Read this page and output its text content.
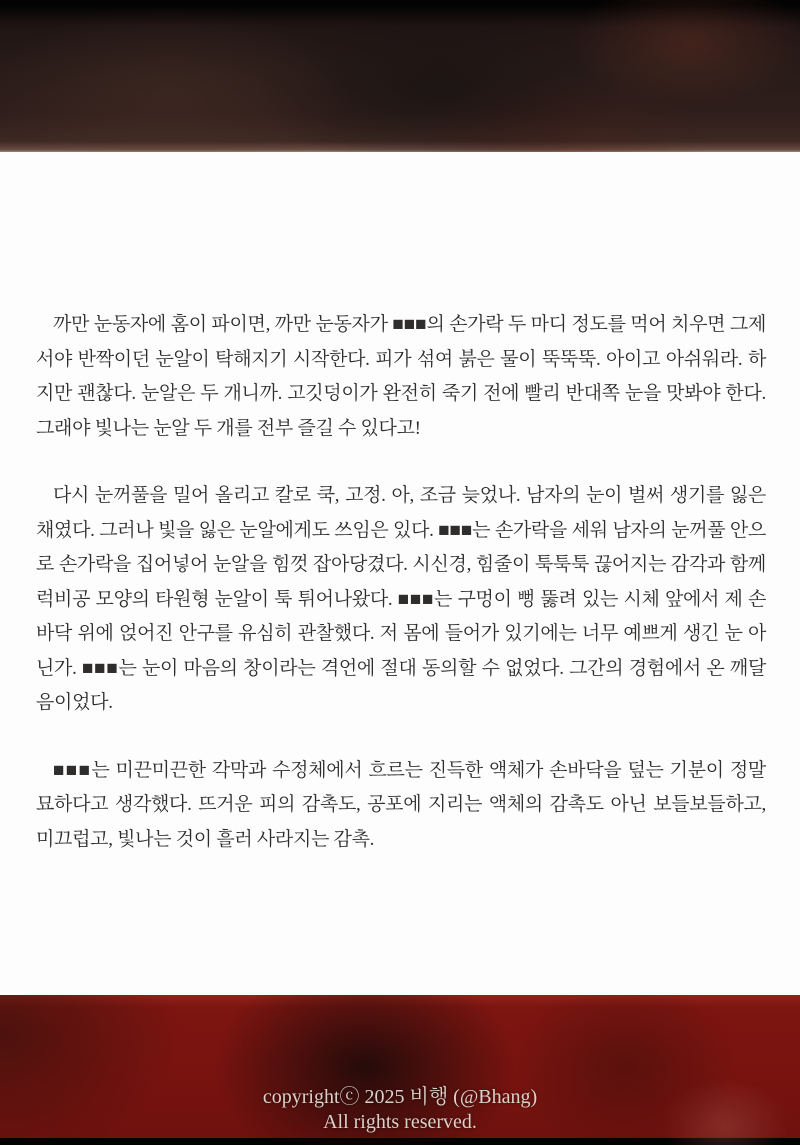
까만 눈동자에 홈이 파이면, 까만 눈동자가 ■■■의 손가락 두 마디 정도를 먹어 치우면 그제서야 반짝이던 눈알이 탁해지기 시작한다. 피가 섞여 붉은 물이 뚝뚝뚝. 아이고 아쉬워라. 하지만 괜찮다. 눈알은 두 개니까. 고깃덩이가 완전히 죽기 전에 빨리 반대쪽 눈을 맛봐야 한다. 그래야 빛나는 눈알 두 개를 전부 즐길 수 있다고!

다시 눈꺼풀을 밀어 올리고 칼로 쿡, 고정. 아, 조금 늦었나. 남자의 눈이 벌써 생기를 잃은 채였다. 그러나 빛을 잃은 눈알에게도 쓰임은 있다. ■■■는 손가락을 세워 남자의 눈꺼풀 안으로 손가락을 집어넣어 눈알을 힘껏 잡아당겼다. 시신경, 힘줄이 툭툭툭 끊어지는 감각과 함께 럭비공 모양의 타원형 눈알이 툭 튀어나왔다. ■■■는 구멍이 뻥 뚫려 있는 시체 앞에서 제 손바닥 위에 얹어진 안구를 유심히 관찰했다. 저 몸에 들어가 있기에는 너무 예쁘게 생긴 눈 아닌가. ■■■는 눈이 마음의 창이라는 격언에 절대 동의할 수 없었다. 그간의 경험에서 온 깨달음이었다.

■■■는 미끈미끈한 각막과 수정체에서 흐르는 진득한 액체가 손바닥을 덮는 기분이 정말 묘하다고 생각했다. 뜨거운 피의 감촉도, 공포에 지리는 액체의 감촉도 아닌 보들보들하고, 미끄럽고, 빛나는 것이 흘러 사라지는 감촉.

copyrightⓒ 2025 비행 (@Bhang)
All rights reserved.
